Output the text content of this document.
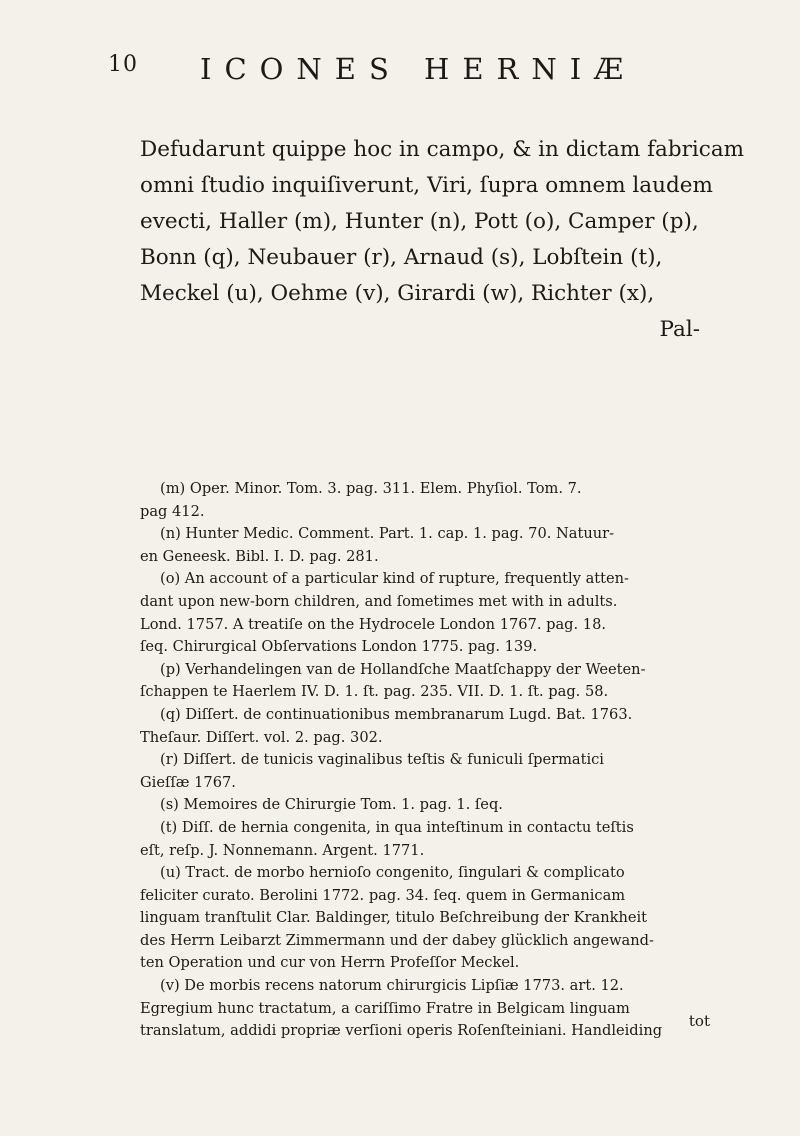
10 ICONES HERNIÆ
Defudarunt quippe hoc in campo, & in dictam fabricam
omni ſtudio inquiſiverunt, Viri, ſupra omnem laudem
evecti, Haller (m), Hunter (n), Pott (o), Camper (p),
Bonn (q), Neubauer (r), Arnaud (s), Lobſtein (t),
Meckel (u), Oehme (v), Girardi (w), Richter (x),
Pal-
(m) Oper. Minor. Tom. 3. pag. 311. Elem. Phyſiol. Tom. 7.
pag 412.
(n) Hunter Medic. Comment. Part. 1. cap. 1. pag. 70. Natuur-
en Geneesk. Bibl. I. D. pag. 281.
(o) An account of a particular kind of rupture, frequently atten-
dant upon new-born children, and ſometimes met with in adults.
Lond. 1757. A treatiſe on the Hydrocele London 1767. pag. 18.
ſeq. Chirurgical Obſervations London 1775. pag. 139.
(p) Verhandelingen van de Hollandſche Maatſchappy der Weeten-
ſchappen te Haerlem IV. D. 1. ſt. pag. 235. VII. D. 1. ſt. pag. 58.
(q) Diſſert. de continuationibus membranarum Lugd. Bat. 1763.
Theſaur. Diſſert. vol. 2. pag. 302.
(r) Diſſert. de tunicis vaginalibus teſtis & funiculi ſpermatici
Gieſſæ 1767.
(s) Memoires de Chirurgie Tom. 1. pag. 1. ſeq.
(t) Diſſ. de hernia congenita, in qua inteſtinum in contactu teſtis
eſt, reſp. J. Nonnemann. Argent. 1771.
(u) Tract. de morbo hernioſo congenito, ſingulari & complicato
feliciter curato. Berolini 1772. pag. 34. ſeq. quem in Germanicam
linguam tranſtulit Clar. Baldinger, titulo Beſchreibung der Krankheit
des Herrn Leibarzt Zimmermann und der dabey glücklich angewand-
ten Operation und cur von Herrn Profeſſor Meckel.
(v) De morbis recens natorum chirurgicis Lipſiæ 1773. art. 12.
Egregium hunc tractatum, a cariſſimo Fratre in Belgicam linguam
translatum, addidi propriæ verſioni operis Roſenſteiniani. Handleiding
tot
